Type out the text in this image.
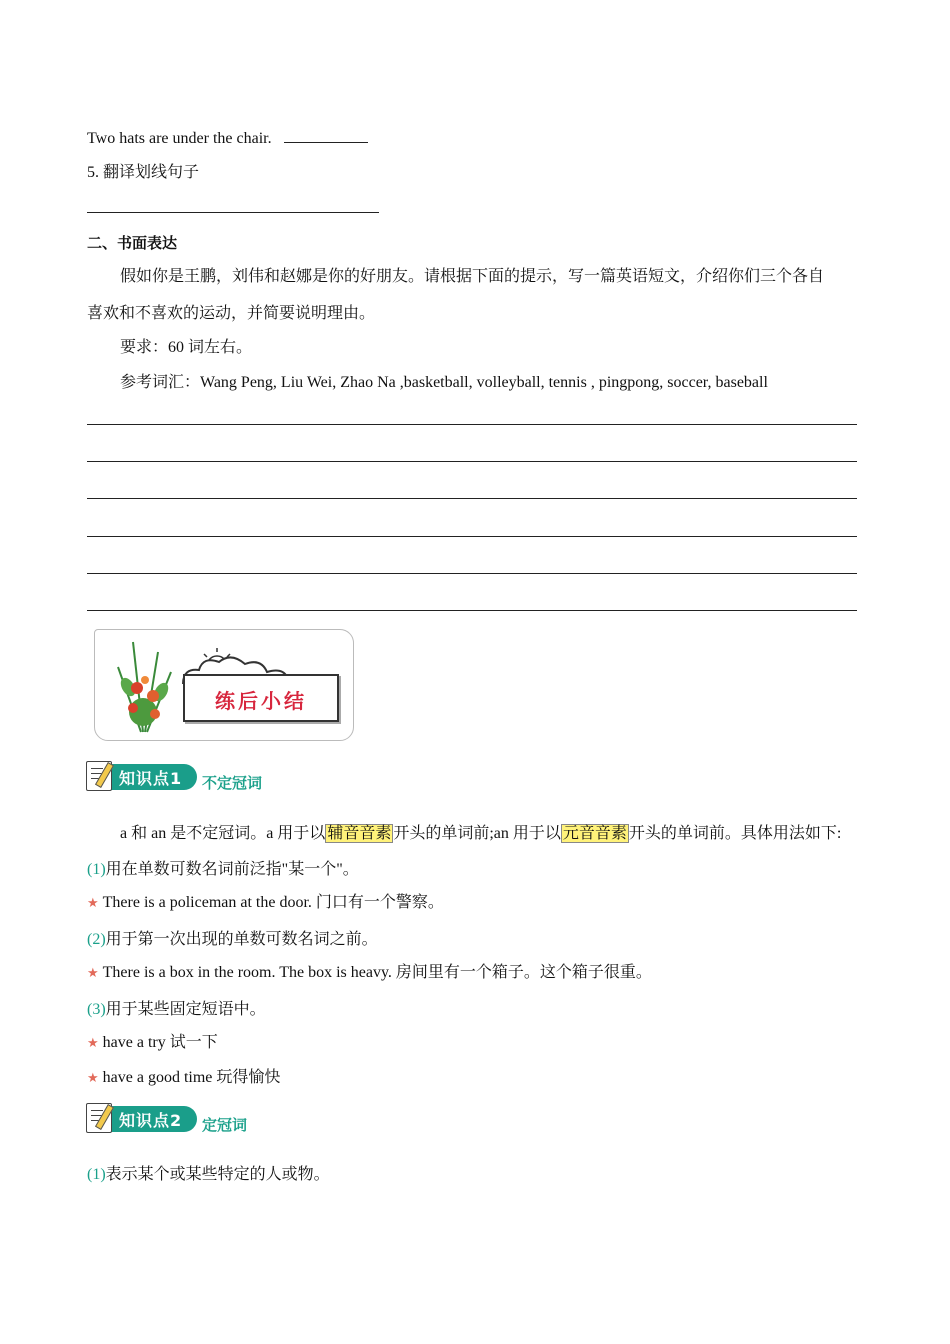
Two hats are under the chair.
5. 翻译划线句子
二、书面表达
假如你是王鹏，刘伟和赵娜是你的好朋友。请根据下面的提示，写一篇英语短文，介绍你们三个各自
喜欢和不喜欢的运动，并简要说明理由。
要求：60 词左右。
参考词汇：Wang Peng, Liu Wei, Zhao Na ,basketball, volleyball, tennis , pingpong, soccer, baseball
练后小结
知识点1 不定冠词
a 和 an 是不定冠词。a 用于以 辅音音素 开头的单词前;an 用于以 元音音素 开头的单词前。具体用法如下:
(1)用在单数可数名词前泛指"某一个"。
★ There is a policeman at the door. 门口有一个警察。
(2)用于第一次出现的单数可数名词之前。
★ There is a box in the room. The box is heavy. 房间里有一个箱子。这个箱子很重。
(3)用于某些固定短语中。
★ have a try 试一下
★ have a good time 玩得愉快
知识点2 定冠词
(1)表示某个或某些特定的人或物。
